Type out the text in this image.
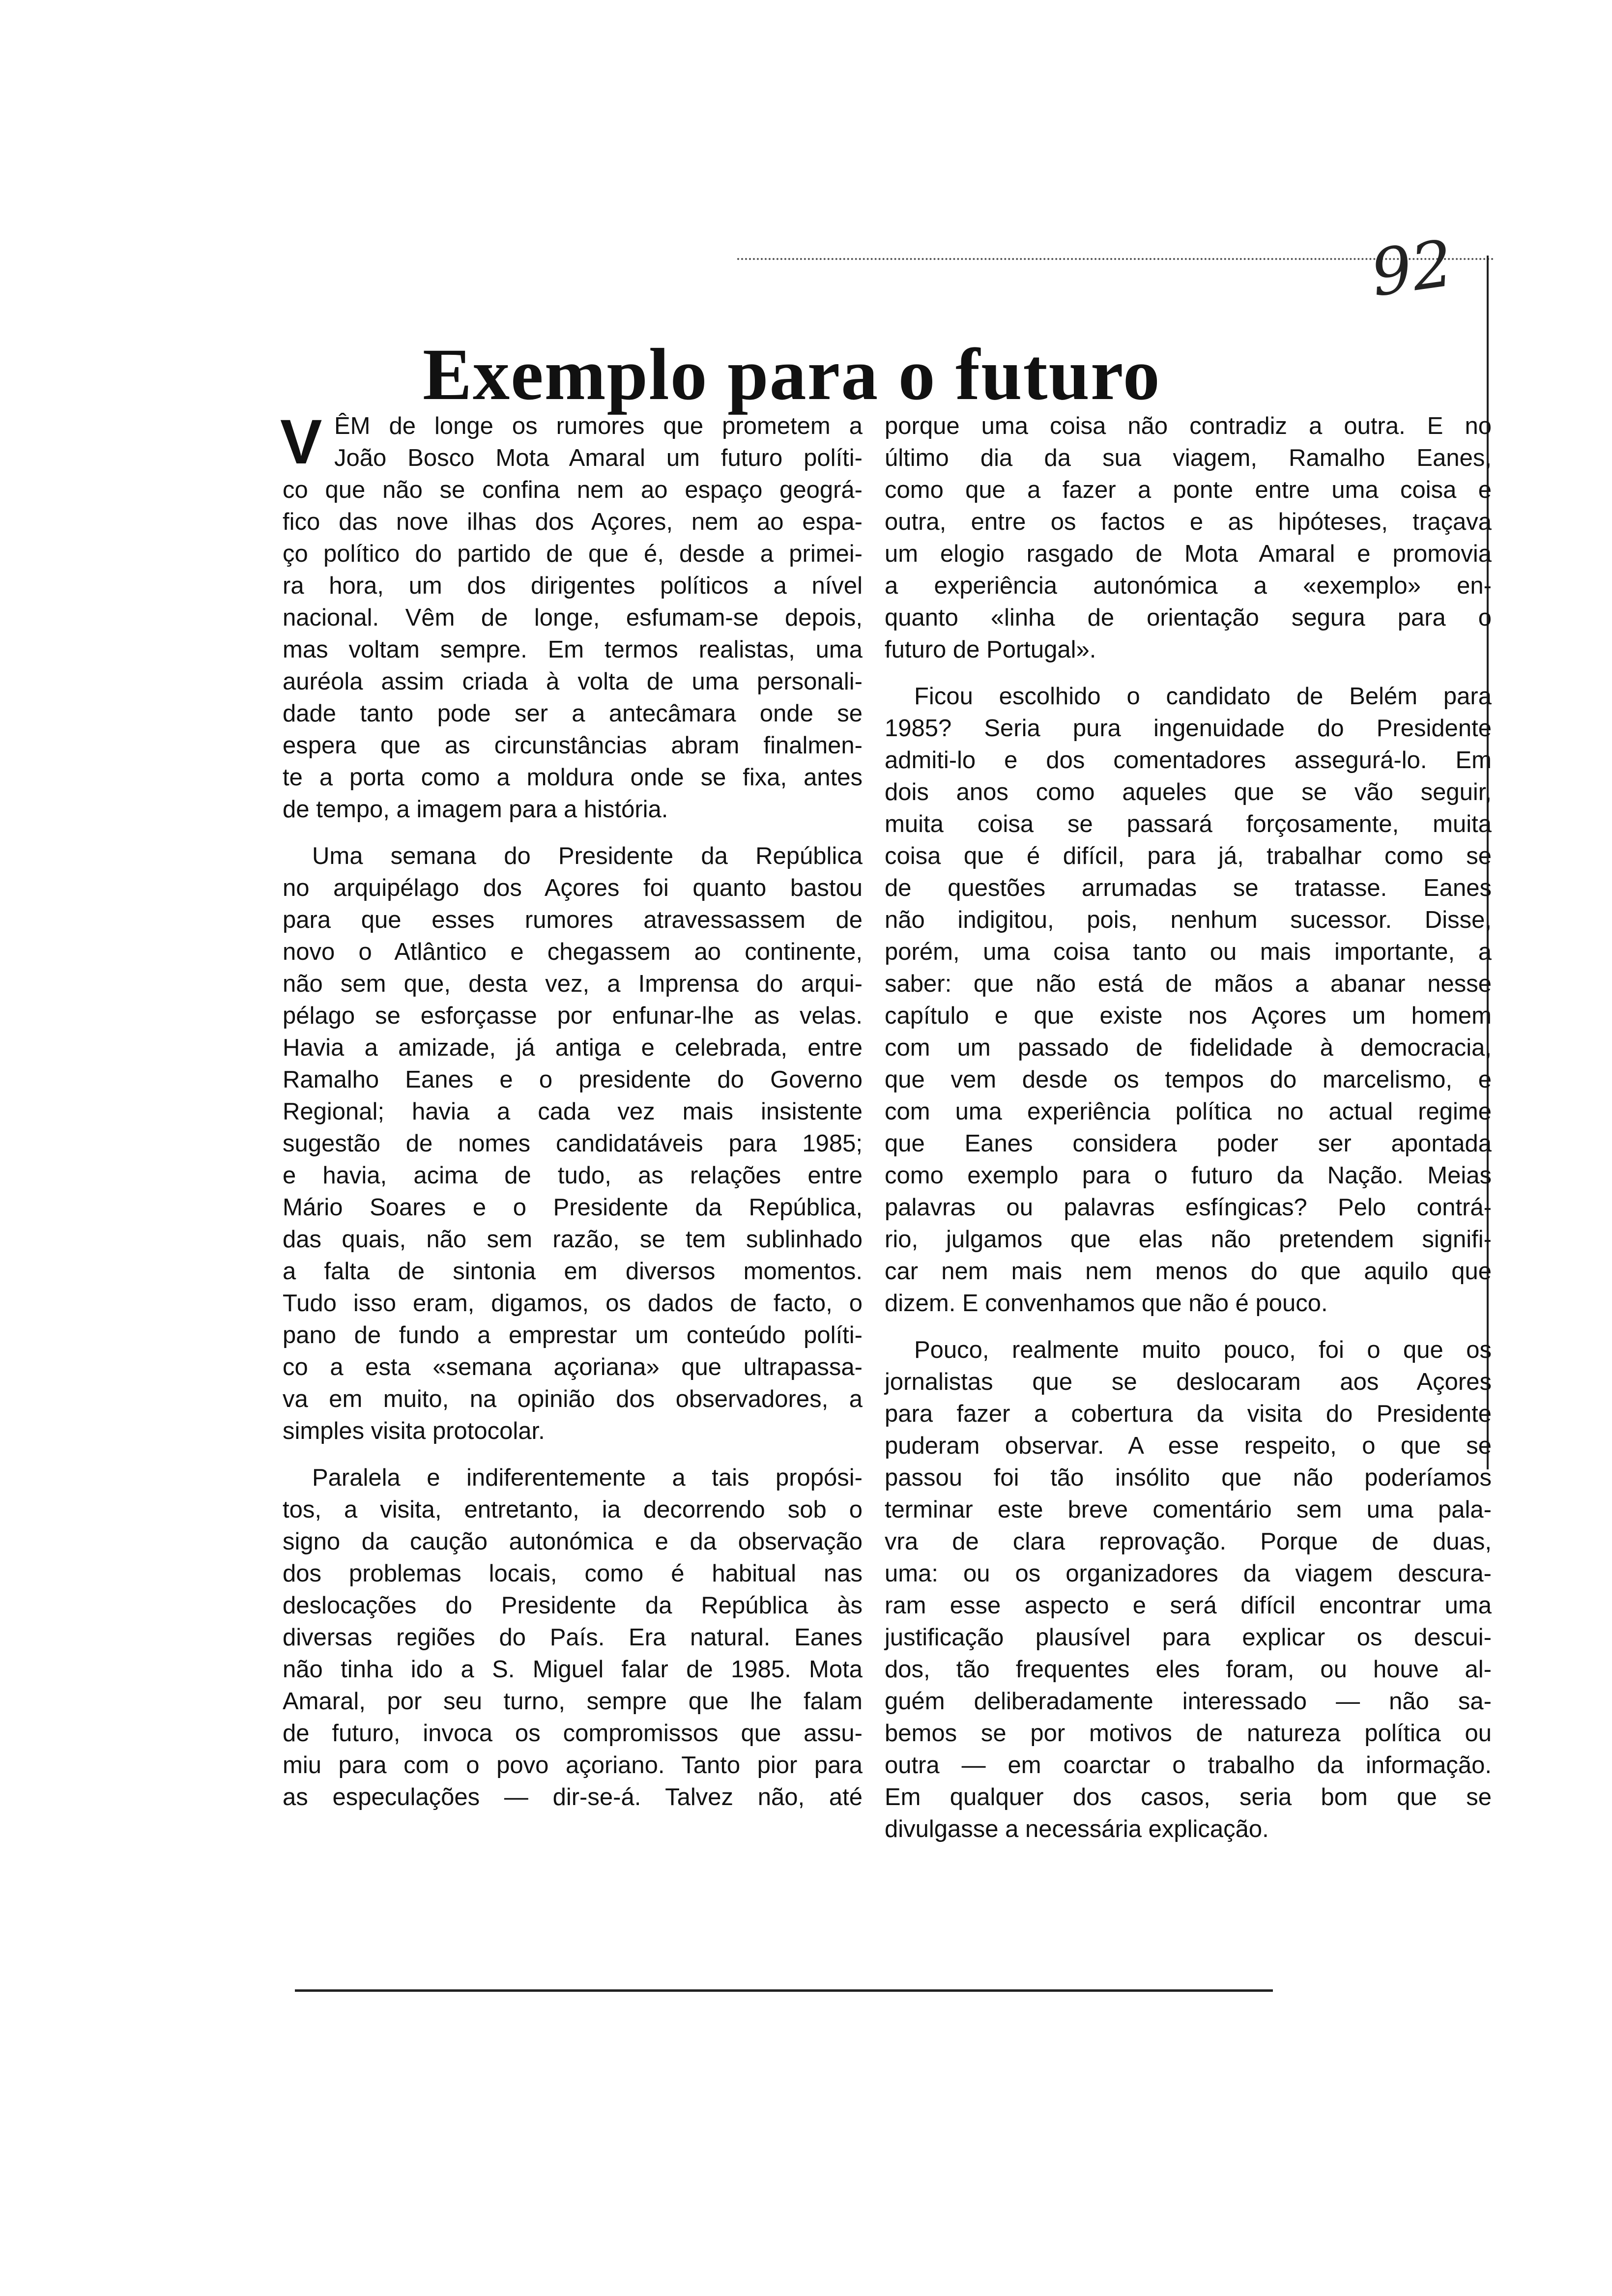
Exemplo para o futuro
92
V ÊM de longe os rumores que prometem a
João Bosco Mota Amaral um futuro políti-
co que não se confina nem ao espaço geográ-
fico das nove ilhas dos Açores, nem ao espa-
ço político do partido de que é, desde a primei-
ra hora, um dos dirigentes políticos a nível
nacional. Vêm de longe, esfumam-se depois,
mas voltam sempre. Em termos realistas, uma
auréola assim criada à volta de uma personali-
dade tanto pode ser a antecâmara onde se
espera que as circunstâncias abram finalmen-
te a porta como a moldura onde se fixa, antes
de tempo, a imagem para a história.
Uma semana do Presidente da República
no arquipélago dos Açores foi quanto bastou
para que esses rumores atravessassem de
novo o Atlântico e chegassem ao continente,
não sem que, desta vez, a Imprensa do arqui-
pélago se esforçasse por enfunar-lhe as velas.
Havia a amizade, já antiga e celebrada, entre
Ramalho Eanes e o presidente do Governo
Regional; havia a cada vez mais insistente
sugestão de nomes candidatáveis para 1985;
e havia, acima de tudo, as relações entre
Mário Soares e o Presidente da República,
das quais, não sem razão, se tem sublinhado
a falta de sintonia em diversos momentos.
Tudo isso eram, digamos, os dados de facto, o
pano de fundo a emprestar um conteúdo políti-
co a esta «semana açoriana» que ultrapassa-
va em muito, na opinião dos observadores, a
simples visita protocolar.
Paralela e indiferentemente a tais propósi-
tos, a visita, entretanto, ia decorrendo sob o
signo da caução autonómica e da observação
dos problemas locais, como é habitual nas
deslocações do Presidente da República às
diversas regiões do País. Era natural. Eanes
não tinha ido a S. Miguel falar de 1985. Mota
Amaral, por seu turno, sempre que lhe falam
de futuro, invoca os compromissos que assu-
miu para com o povo açoriano. Tanto pior para
as especulações — dir-se-á. Talvez não, até
porque uma coisa não contradiz a outra. E no
último dia da sua viagem, Ramalho Eanes,
como que a fazer a ponte entre uma coisa e
outra, entre os factos e as hipóteses, traçava
um elogio rasgado de Mota Amaral e promovia
a experiência autonómica a «exemplo» en-
quanto «linha de orientação segura para o
futuro de Portugal».
Ficou escolhido o candidato de Belém para
1985? Seria pura ingenuidade do Presidente
admiti-lo e dos comentadores assegurá-lo. Em
dois anos como aqueles que se vão seguir,
muita coisa se passará forçosamente, muita
coisa que é difícil, para já, trabalhar como se
de questões arrumadas se tratasse. Eanes
não indigitou, pois, nenhum sucessor. Disse,
porém, uma coisa tanto ou mais importante, a
saber: que não está de mãos a abanar nesse
capítulo e que existe nos Açores um homem
com um passado de fidelidade à democracia,
que vem desde os tempos do marcelismo, e
com uma experiência política no actual regime
que Eanes considera poder ser apontada
como exemplo para o futuro da Nação. Meias
palavras ou palavras esfíngicas? Pelo contrá-
rio, julgamos que elas não pretendem signifi-
car nem mais nem menos do que aquilo que
dizem. E convenhamos que não é pouco.
Pouco, realmente muito pouco, foi o que os
jornalistas que se deslocaram aos Açores
para fazer a cobertura da visita do Presidente
puderam observar. A esse respeito, o que se
passou foi tão insólito que não poderíamos
terminar este breve comentário sem uma pala-
vra de clara reprovação. Porque de duas,
uma: ou os organizadores da viagem descura-
ram esse aspecto e será difícil encontrar uma
justificação plausível para explicar os descui-
dos, tão frequentes eles foram, ou houve al-
guém deliberadamente interessado — não sa-
bemos se por motivos de natureza política ou
outra — em coarctar o trabalho da informação.
Em qualquer dos casos, seria bom que se
divulgasse a necessária explicação.
